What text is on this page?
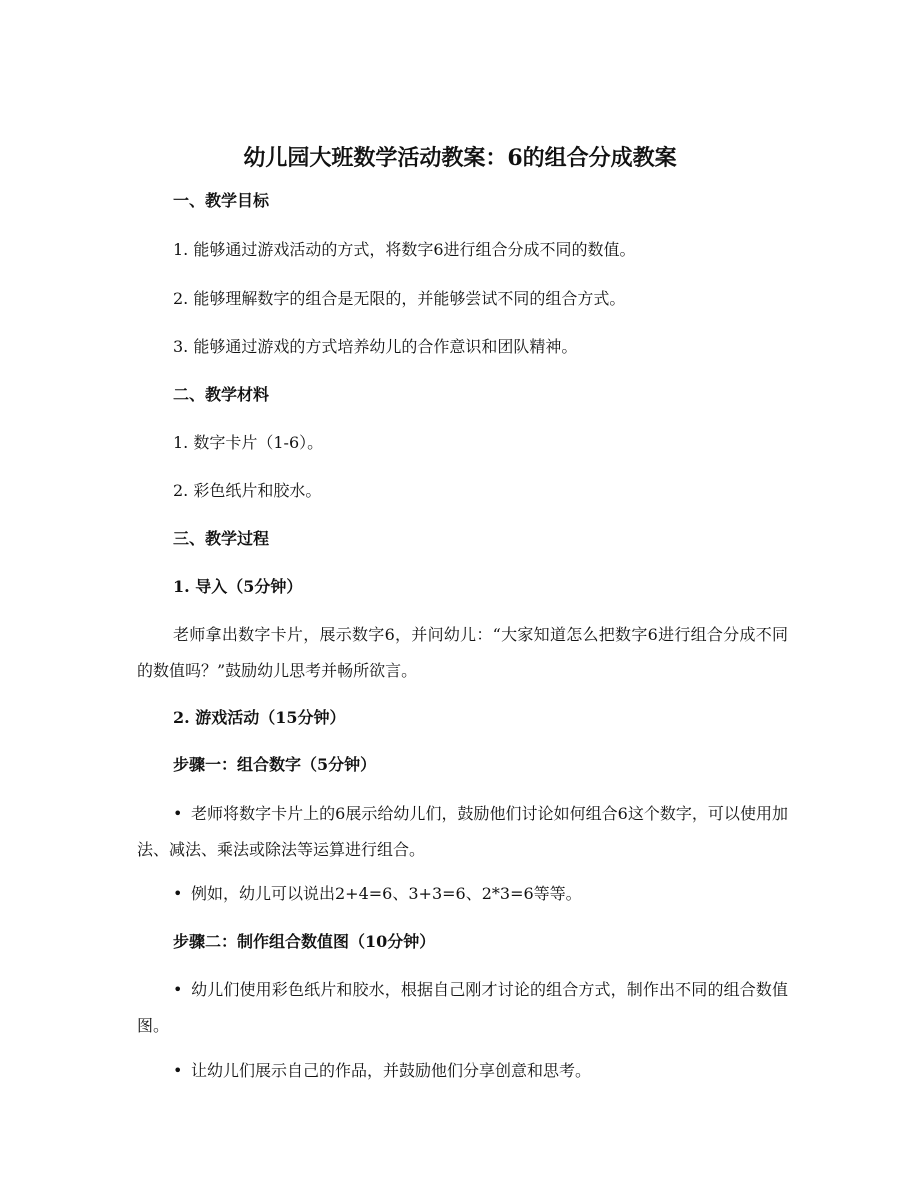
幼儿园大班数学活动教案：6的组合分成教案
一、教学目标
1. 能够通过游戏活动的方式，将数字6进行组合分成不同的数值。
2. 能够理解数字的组合是无限的，并能够尝试不同的组合方式。
3. 能够通过游戏的方式培养幼儿的合作意识和团队精神。
二、教学材料
1. 数字卡片（1-6）。
2. 彩色纸片和胶水。
三、教学过程
1. 导入（5分钟）
老师拿出数字卡片，展示数字6，并问幼儿：“大家知道怎么把数字6进行组合分成不同的数值吗？”鼓励幼儿思考并畅所欲言。
2. 游戏活动（15分钟）
步骤一：组合数字（5分钟）
• 老师将数字卡片上的6展示给幼儿们，鼓励他们讨论如何组合6这个数字，可以使用加法、减法、乘法或除法等运算进行组合。
• 例如，幼儿可以说出2+4=6、3+3=6、2*3=6等等。
步骤二：制作组合数值图（10分钟）
• 幼儿们使用彩色纸片和胶水，根据自己刚才讨论的组合方式，制作出不同的组合数值图。
• 让幼儿们展示自己的作品，并鼓励他们分享创意和思考。
